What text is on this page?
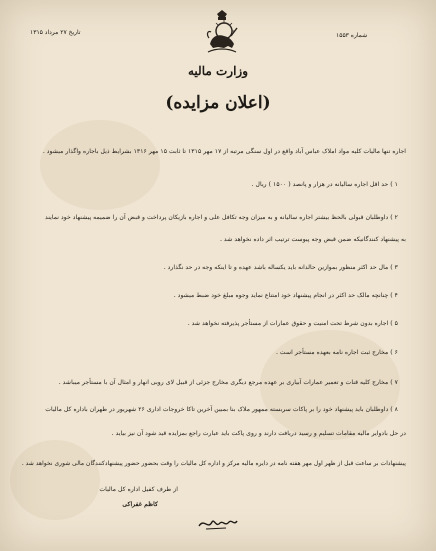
تاریخ ۲۷ مرداد ۱۳۱۵	شماره ۱۵۵۳
وزارت مالیه
(اعلان مزایده)
اجاره تنها مالیات کلیه مواد املاک عباس آباد واقع در اول سنگی مرتبه از ۱۷ مهر ۱۳۱۵ تا ثابت ۱۵ مهر ۱۳۱۶ بشرایط ذیل باجاره واگذار میشود .
۱ ) حد اقل اجاره سالیانه در هزار و پانصد ( ۱۵۰۰ ) ریال .
۲ ) داوطلبان قبولی بالحظ بیشتر اجاره سالیانه و به میزان وجه تکافل علی و اجاره بازیکان پرداخت و قبض آن را ضمیمه پیشنهاد خود نمایند
به پیشنهاد کنندگانیکه ضمن قبض وجه پیوست ترتیب اثر داده نخواهد شد .
۳ ) مال حد اکثر منظور بموازین حالدانه باید یکساله باشد عهده و تا اینکه وجه در حد نگذارد .
۴ ) چنانچه مالک حد اکثر در انجام پیشنهاد خود امتناع نماید وجوه مبلغ خود ضبط میشود .
۵ ) اجاره بدون شرط تحت امنیت و حقوق عمارات از مستأجر پذیرفته نخواهد شد .
۶ ) مخارج ثبت اجاره نامه بعهده مستأجر است .
۷ ) مخارج کلیه قنات و تعمیر عمارات آبیاری بر عهده مرجع دیگری مخارج جزئی از قبیل لای روبی انهار و امثال آن با مستأجر میباشد .
۸ ) داوطلبان باید پیشنهاد خود را بر پاکات سربسته ممهور ملاک بنا بمبین آخرین تاکا خروجات اداری ۲۶ شهریور در طهران باداره کل مالیات
در حل بادوایر مالیه مقامات تسلیم و رسید دریافت دارند و روی پاکت باید عبارت راجع بمزایده قید شود آن نیز بیاید .
پیشنهادات بر ساعت قبل از ظهر اول مهر هفته نامه در دایره مالیه مرکز و اداره کل مالیات را وقت بحضور حضور پیشنهادکنندگان مالی شوری نخواهد شد .
از طرف کفیل اداره کل مالیات
کاظم غفراکی
